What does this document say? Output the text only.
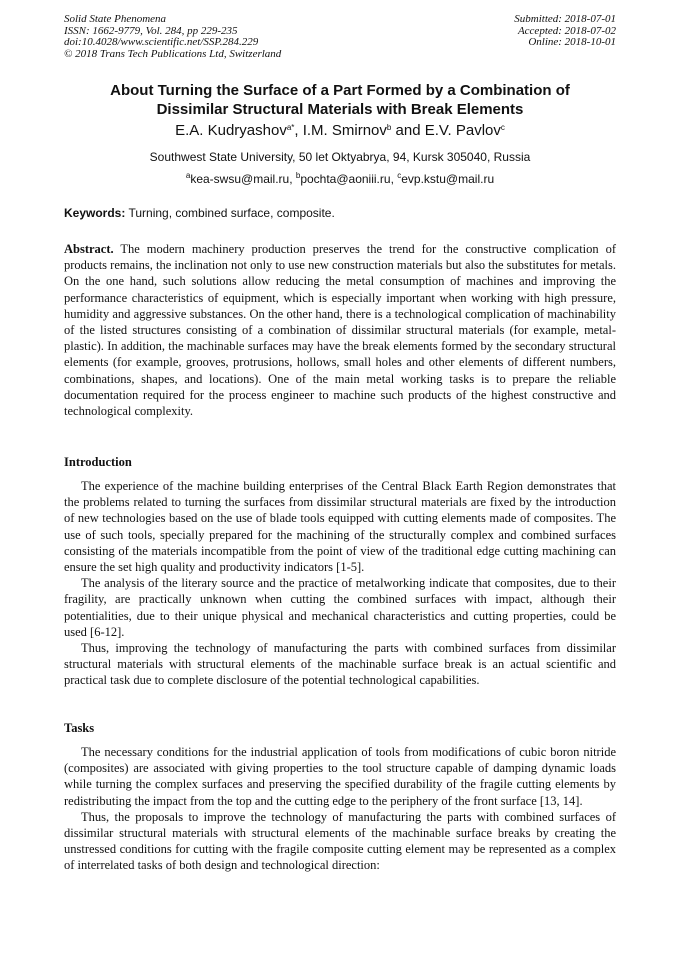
Solid State Phenomena
ISSN: 1662-9779, Vol. 284, pp 229-235
doi:10.4028/www.scientific.net/SSP.284.229
© 2018 Trans Tech Publications Ltd, Switzerland
Submitted: 2018-07-01
Accepted: 2018-07-02
Online: 2018-10-01
About Turning the Surface of a Part Formed by a Combination of
Dissimilar Structural Materials with Break Elements
E.A. Kudryashov$^{a*}$, I.M. Smirnov$^b$ and E.V. Pavlov$^c$
Southwest State University, 50 let Oktyabrya, 94, Kursk 305040, Russia
$^a$kea-swsu@mail.ru, $^b$pochta@aoniii.ru, $^c$evp.kstu@mail.ru
Keywords: Turning, combined surface, composite.

Abstract. The modern machinery production preserves the trend for the constructive complication of products remains, the inclination not only to use new construction materials but also the substitutes for metals. On the one hand, such solutions allow reducing the metal consumption of machines and improving the performance characteristics of equipment, which is especially important when working with high pressure, humidity and aggressive substances. On the other hand, there is a technological complication of machinability of the listed structures consisting of a combination of dissimilar structural materials (for example, metal-plastic). In addition, the machinable surfaces may have the break elements formed by the secondary structural elements (for example, grooves, protrusions, hollows, small holes and other elements of different numbers, combinations, shapes, and locations). One of the main metal working tasks is to prepare the reliable documentation required for the process engineer to machine such products of the highest constructive and technological complexity.

Introduction

The experience of the machine building enterprises of the Central Black Earth Region demonstrates that the problems related to turning the surfaces from dissimilar structural materials are fixed by the introduction of new technologies based on the use of blade tools equipped with cutting elements made of composites. The use of such tools, specially prepared for the machining of the structurally complex and combined surfaces consisting of the materials incompatible from the point of view of the traditional edge cutting machining can ensure the set high quality and productivity indicators [1-5].

The analysis of the literary source and the practice of metalworking indicate that composites, due to their fragility, are practically unknown when cutting the combined surfaces with impact, although their potentialities, due to their unique physical and mechanical characteristics and cutting properties, could be used [6-12].

Thus, improving the technology of manufacturing the parts with combined surfaces from dissimilar structural materials with structural elements of the machinable surface break is an actual scientific and practical task due to complete disclosure of the potential technological capabilities.

Tasks

The necessary conditions for the industrial application of tools from modifications of cubic boron nitride (composites) are associated with giving properties to the tool structure capable of damping dynamic loads while turning the complex surfaces and preserving the specified durability of the fragile cutting elements by redistributing the impact from the top and the cutting edge to the periphery of the front surface [13, 14].

Thus, the proposals to improve the technology of manufacturing the parts with combined surfaces of dissimilar structural materials with structural elements of the machinable surface breaks by creating the unstressed conditions for cutting with the fragile composite cutting element may be represented as a complex of interrelated tasks of both design and technological direction:
